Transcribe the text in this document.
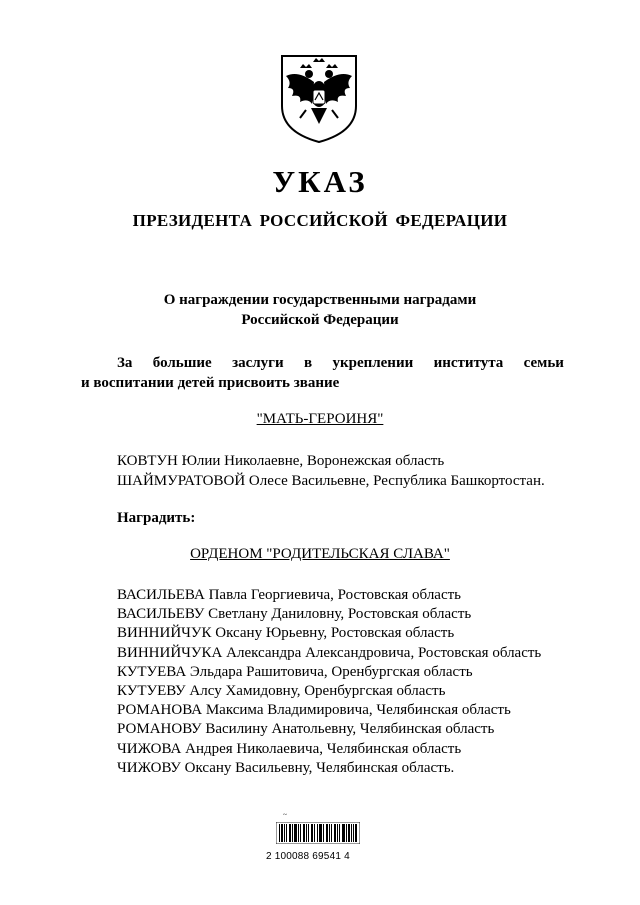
УКАЗ
ПРЕЗИДЕНТА РОССИЙСКОЙ ФЕДЕРАЦИИ
О награждении государственными наградами
Российской Федерации
За большие заслуги в укреплении института семьи
и воспитании детей присвоить звание
"МАТЬ-ГЕРОИНЯ"
КОВТУН Юлии Николаевне, Воронежская область
ШАЙМУРАТОВОЙ Олесе Васильевне, Республика Башкортостан.
Наградить:
ОРДЕНОМ "РОДИТЕЛЬСКАЯ СЛАВА"
ВАСИЛЬЕВА Павла Георгиевича, Ростовская область
ВАСИЛЬЕВУ Светлану Даниловну, Ростовская область
ВИННИЙЧУК Оксану Юрьевну, Ростовская область
ВИННИЙЧУКА Александра Александровича, Ростовская область
КУТУЕВА Эльдара Рашитовича, Оренбургская область
КУТУЕВУ Алсу Хамидовну, Оренбургская область
РОМАНОВА Максима Владимировича, Челябинская область
РОМАНОВУ Василину Анатольевну, Челябинская область
ЧИЖОВА Андрея Николаевича, Челябинская область
ЧИЖОВУ Оксану Васильевну, Челябинская область.
~
2 100088 69541 4
